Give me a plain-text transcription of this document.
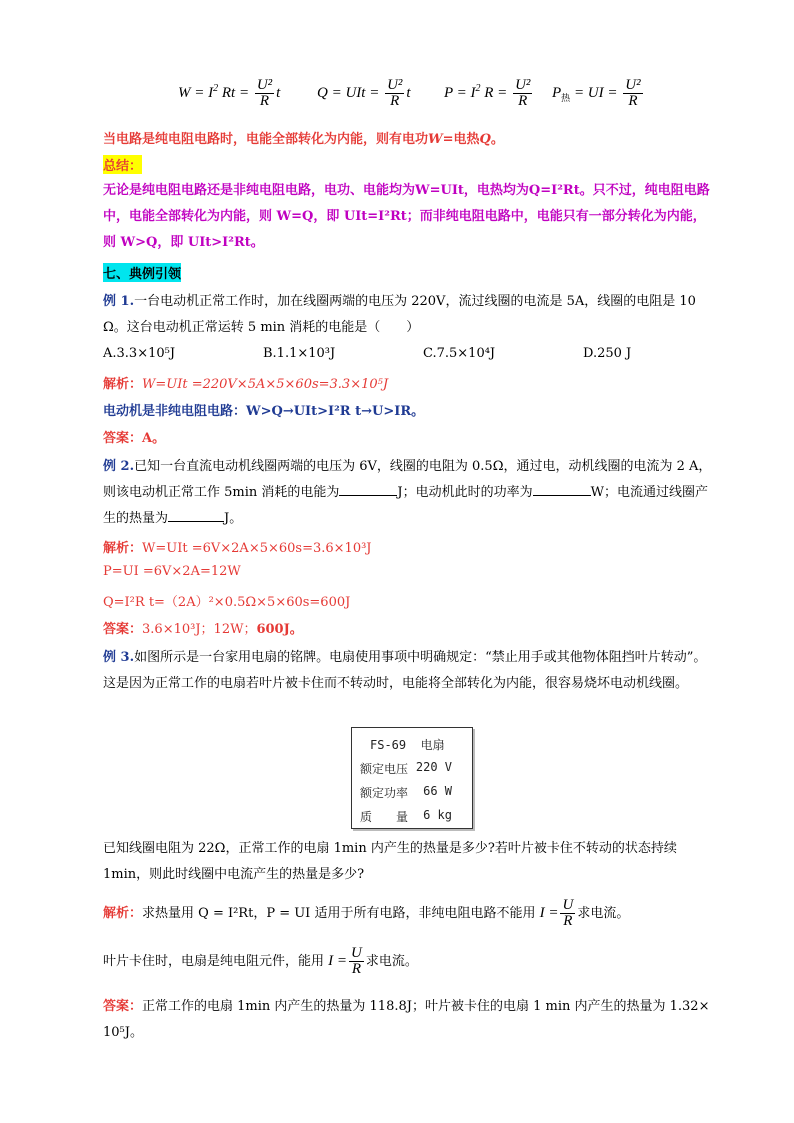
$W = I^2$ $Rt = \frac{\text{U²}}{R}$ t Q = UIt = $\frac{\text{U²}}{R}$ t $P = I^2$ $R = \frac{\text{U²}}{R} P_热$ = UI = $\frac{\text{U²}}{R}$
当电路是纯电阻电路时，电能全部转化为内能，则有电功W=电热Q。
总结：
无论是纯电阻电路还是非纯电阻电路，电功、电能均为W=UIt，电热均为Q=I²Rt。只不过，纯电阻电路中，电能全部转化为内能，则 W=Q，即 UIt=I²Rt；而非纯电阻电路中，电能只有一部分转化为内能，则 W>Q，即 UIt>I²Rt。
七、典例引领
例 1.一台电动机正常工作时，加在线圈两端的电压为 220V，流过线圈的电流是 5A，线圈的电阻是 10 Ω。这台电动机正常运转 5 min 消耗的电能是（　　）
A.3.3×10⁵J	B.1.1×10³J	C.7.5×10⁴J	D.250 J
解析：W=UIt =220V×5A×5×60s=3.3×10⁵J
电动机是非纯电阻电路：W>Q→UIt>I²R t→U>IR。
答案：A。
例 2.已知一台直流电动机线圈两端的电压为 6V，线圈的电阻为 0.5Ω，通过电，动机线圈的电流为 2 A，则该电动机正常工作 5min 消耗的电能为	J；电动机此时的功率为	W；电流通过线圈产生的热量为	J。
解析：W=UIt =6V×2A×5×60s=3.6×10³J
P=UI =6V×2A=12W
Q=I²R t=（2A）²×0.5Ω×5×60s=600J
答案：3.6×10³J；12W；600J。
例 3.如图所示是一台家用电扇的铭牌。电扇使用事项中明确规定：“禁止用手或其他物体阻挡叶片转动”。这是因为正常工作的电扇若叶片被卡住而不转动时，电能将全部转化为内能，很容易烧坏电动机线圈。
FS-69 电扇
额定电压 220 V
额定功率 66 W
质　　量 6 kg
已知线圈电阻为 22Ω，正常工作的电扇 1min 内产生的热量是多少?若叶片被卡住不转动的状态持续 1min，则此时线圈中电流产生的热量是多少?
解析：求热量用 Q = I²Rt，P = UI 适用于所有电路，非纯电阻电路不能用 $I = \frac{U}{R}$ 求电流。
叶片卡住时，电扇是纯电阻元件，能用 $I = \frac{U}{R}$ 求电流。
答案：正常工作的电扇 1min 内产生的热量为 118.8J；叶片被卡住的电扇 1 min 内产生的热量为 1.32× 10⁵J。
